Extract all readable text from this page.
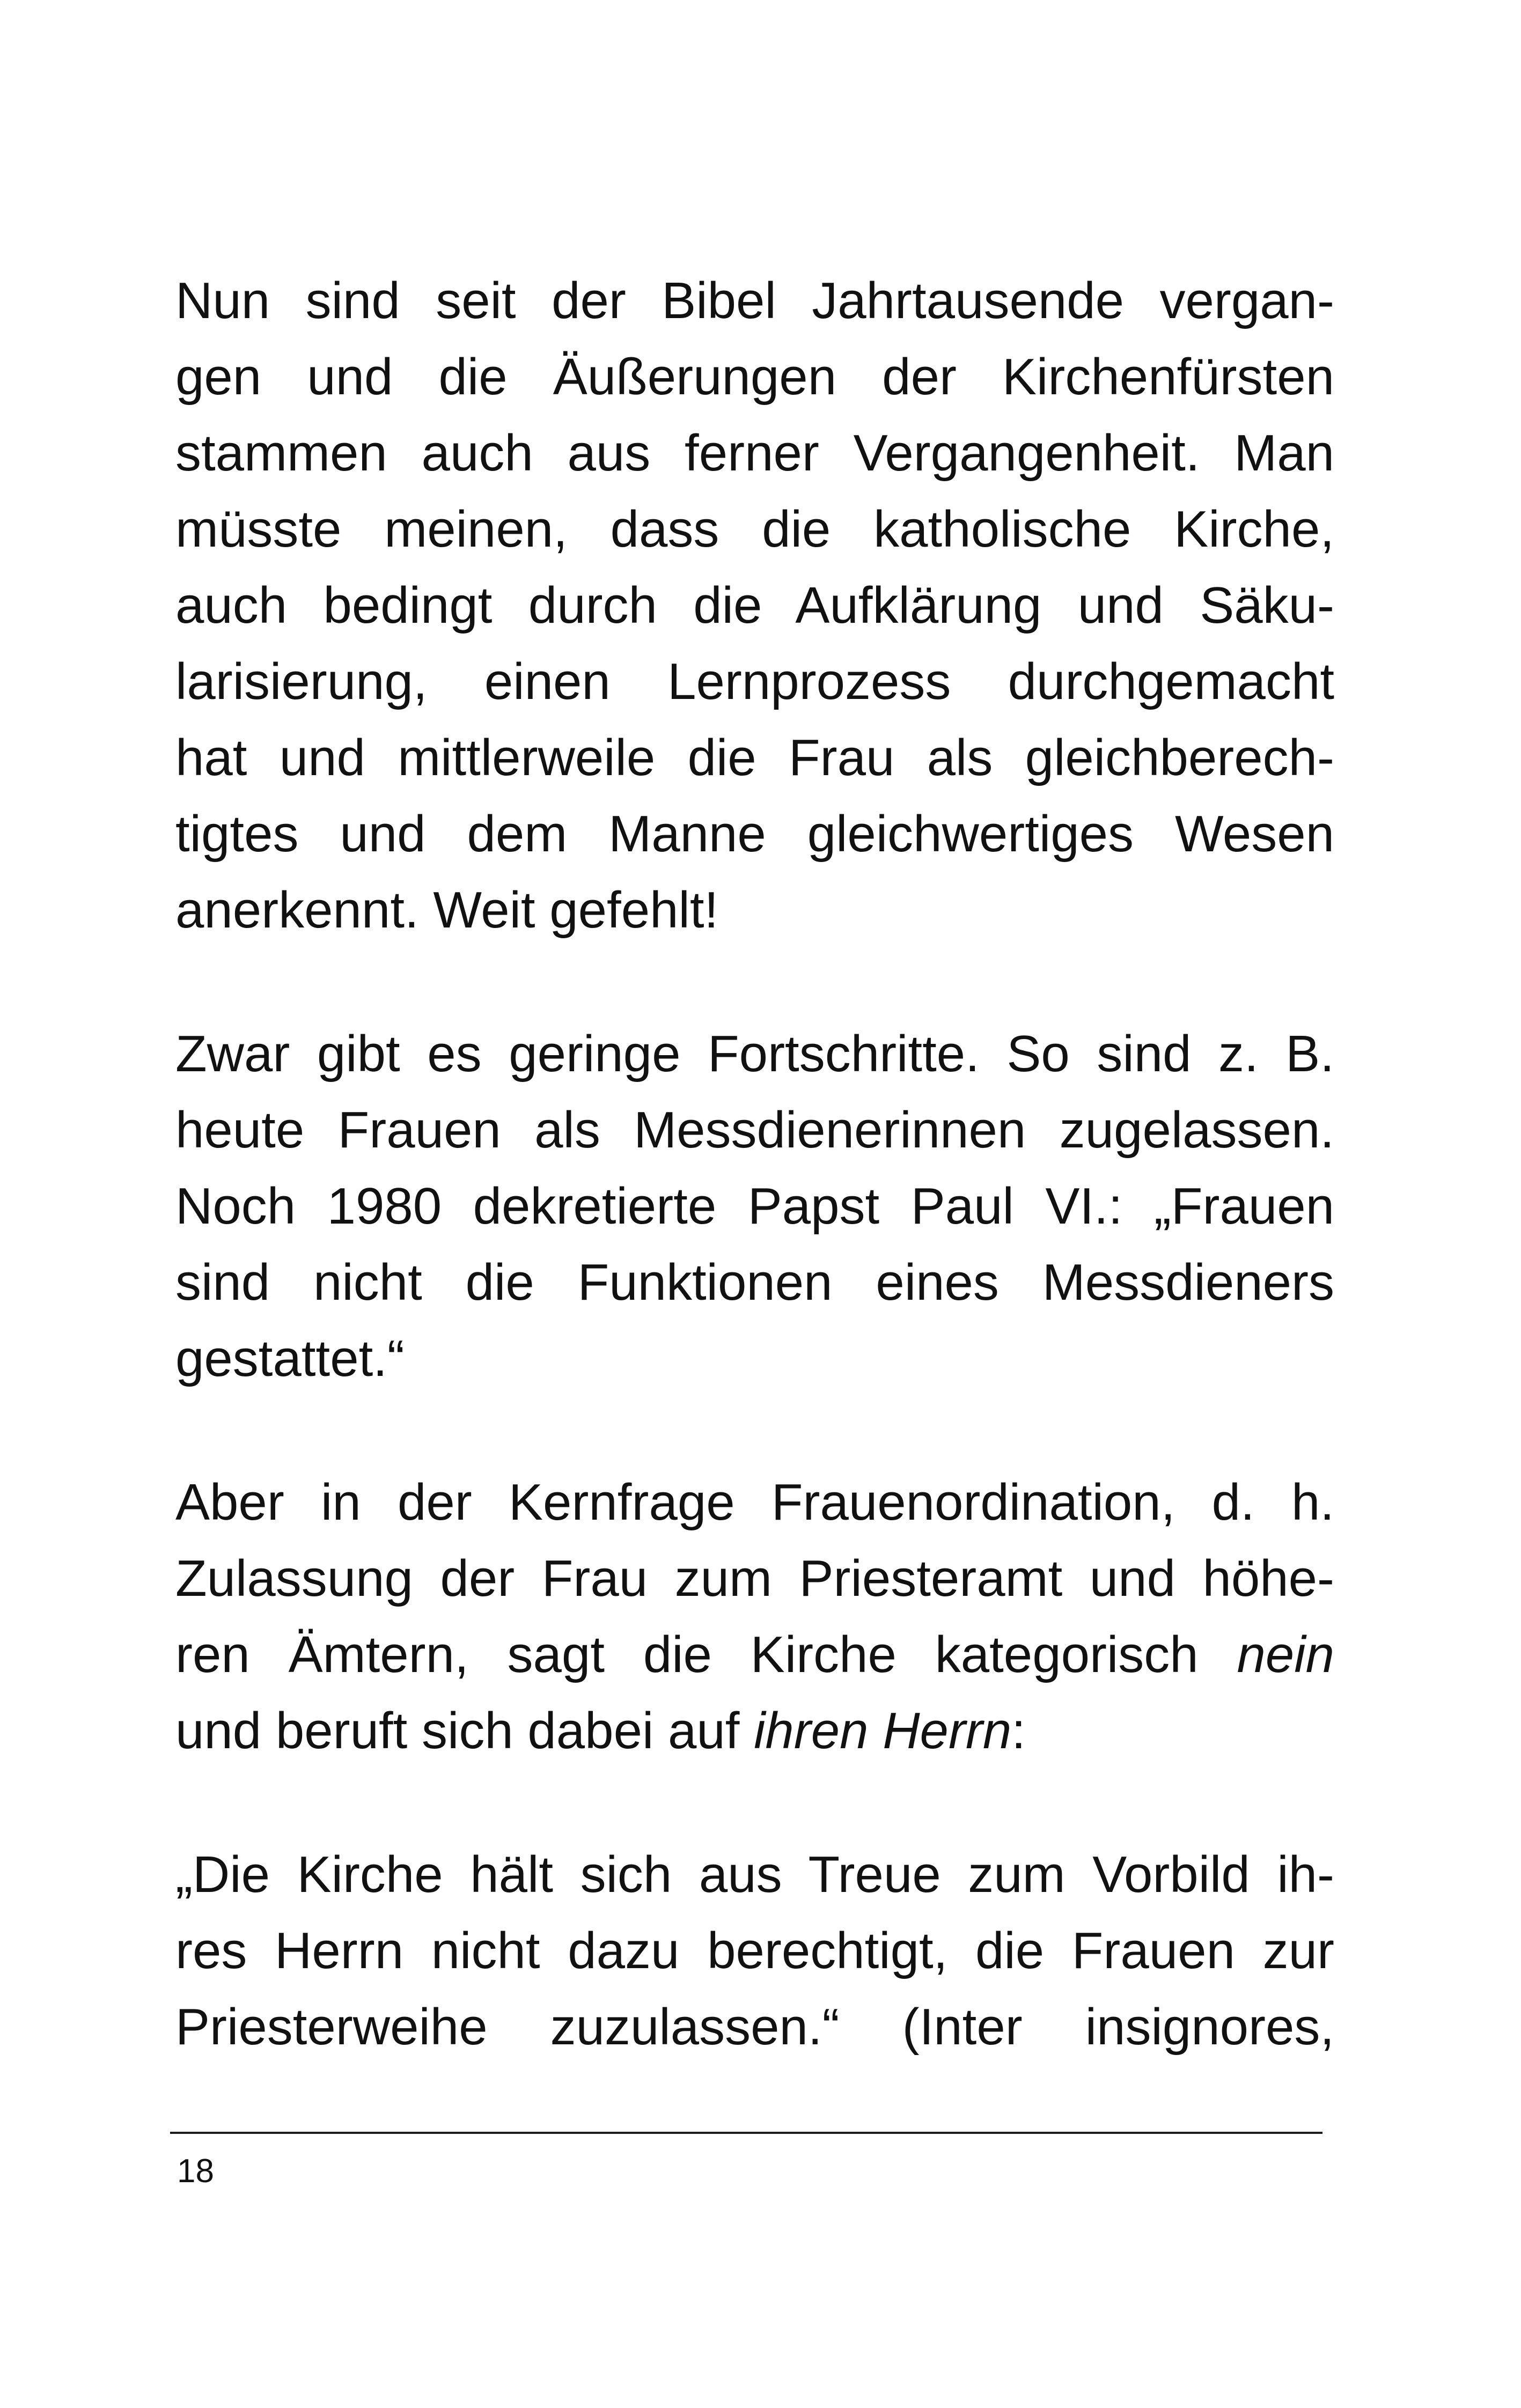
Nun sind seit der Bibel Jahrtausende vergan-
gen und die Äußerungen der Kirchenfürsten
stammen auch aus ferner Vergangenheit. Man
müsste meinen, dass die katholische Kirche,
auch bedingt durch die Aufklärung und Säku-
larisierung, einen Lernprozess durchgemacht
hat und mittlerweile die Frau als gleichberech-
tigtes und dem Manne gleichwertiges Wesen
anerkennt. Weit gefehlt!

Zwar gibt es geringe Fortschritte. So sind z. B.
heute Frauen als Messdienerinnen zugelassen.
Noch 1980 dekretierte Papst Paul VI.: „Frauen
sind nicht die Funktionen eines Messdieners
gestattet.“

Aber in der Kernfrage Frauenordination, d. h.
Zulassung der Frau zum Priesteramt und höhe-
ren Ämtern, sagt die Kirche kategorisch nein
und beruft sich dabei auf ihren Herrn:

„Die Kirche hält sich aus Treue zum Vorbild ih-
res Herrn nicht dazu berechtigt, die Frauen zur
Priesterweihe zuzulassen.“ (Inter insignores,

18
